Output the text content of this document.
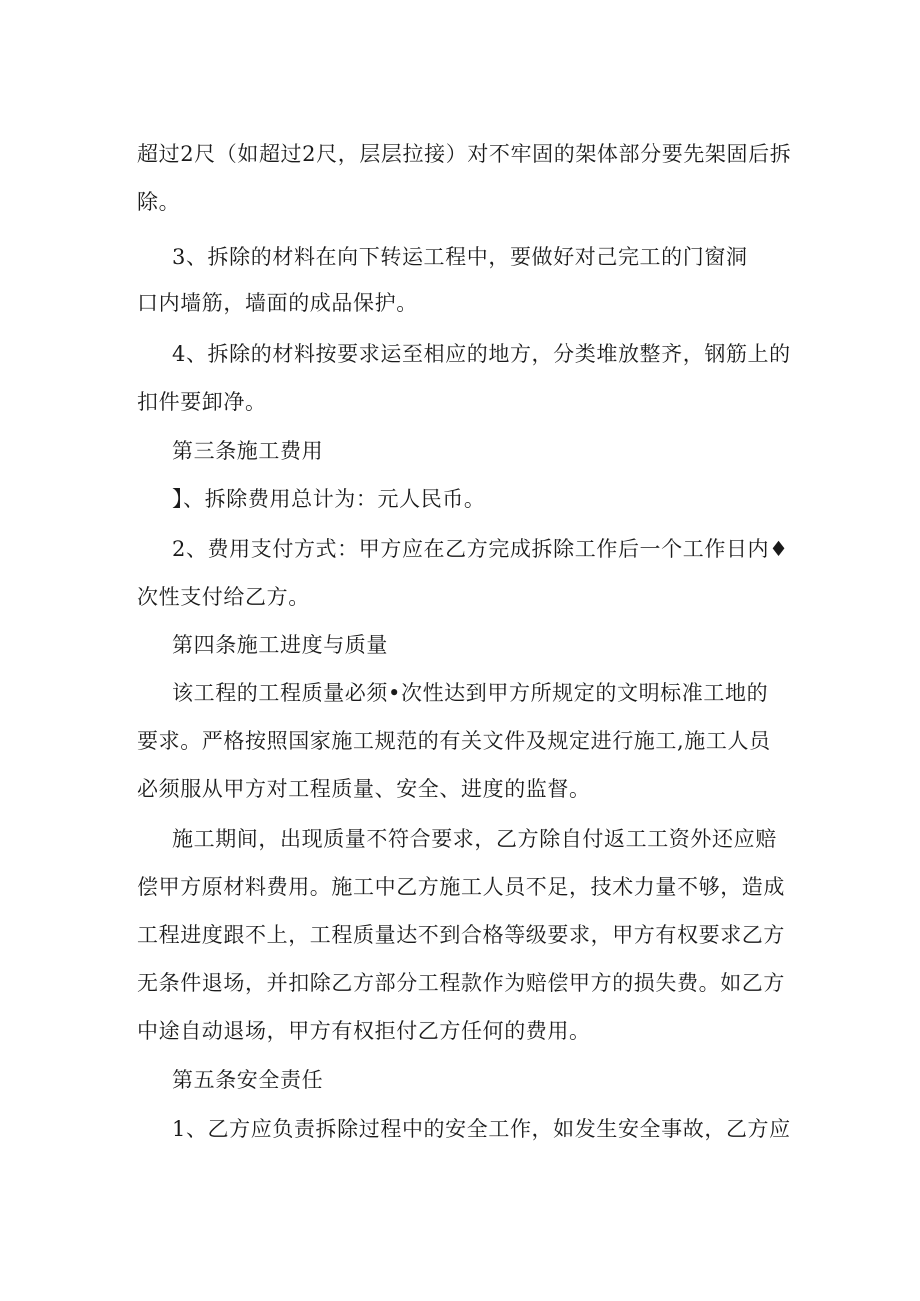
超过2尺（如超过2尺，层层拉接）对不牢固的架体部分要先架固后拆
除。
3、拆除的材料在向下转运工程中，要做好对己完工的门窗洞
口内墙筋，墙面的成品保护。
4、拆除的材料按要求运至相应的地方，分类堆放整齐，钢筋上的
扣件要卸净。
第三条施工费用
】、拆除费用总计为：元人民币。
2、费用支付方式：甲方应在乙方完成拆除工作后一个工作日内♦
次性支付给乙方。
第四条施工进度与质量
该工程的工程质量必须•次性达到甲方所规定的文明标准工地的
要求。严格按照国家施工规范的有关文件及规定进行施工,施工人员
必须服从甲方对工程质量、安全、进度的监督。
施工期间，出现质量不符合要求，乙方除自付返工工资外还应赔
偿甲方原材料费用。施工中乙方施工人员不足，技术力量不够，造成
工程进度跟不上，工程质量达不到合格等级要求，甲方有权要求乙方
无条件退场，并扣除乙方部分工程款作为赔偿甲方的损失费。如乙方
中途自动退场，甲方有权拒付乙方任何的费用。
第五条安全责任
1、乙方应负责拆除过程中的安全工作，如发生安全事故，乙方应
